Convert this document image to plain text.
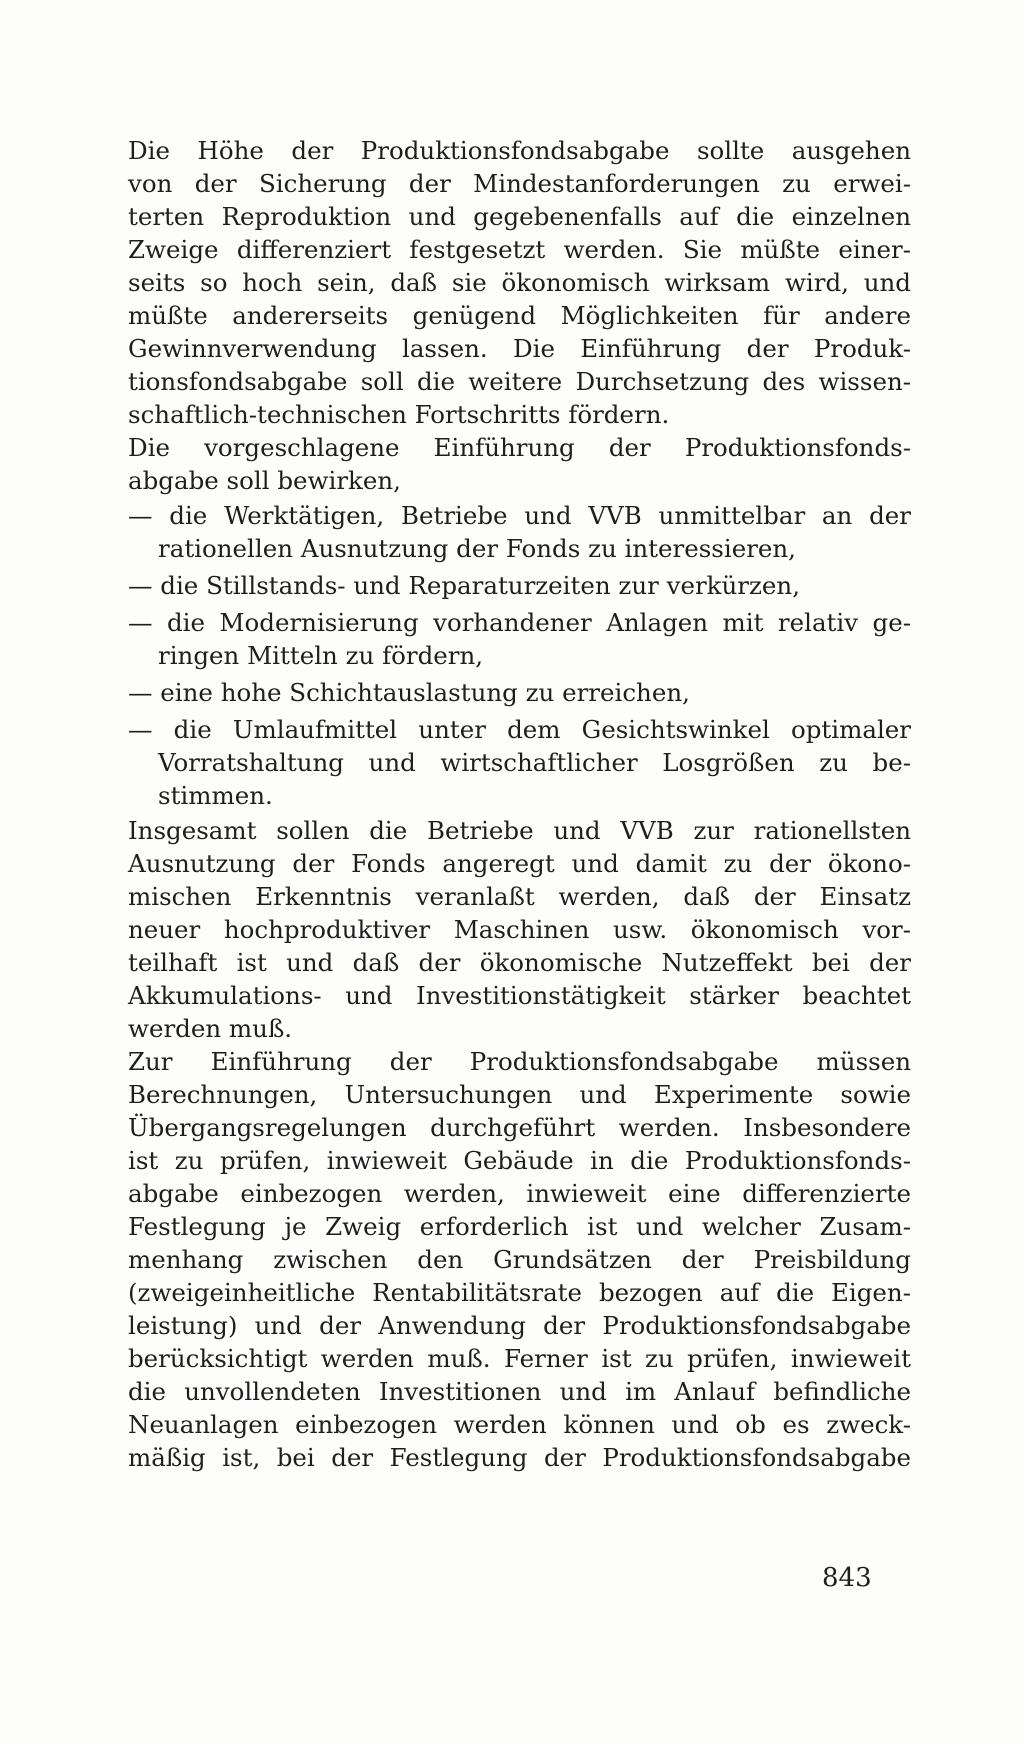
Die Höhe der Produktionsfondsabgabe sollte ausgehen
von der Sicherung der Mindestanforderungen zu erwei-
terten Reproduktion und gegebenenfalls auf die einzelnen
Zweige differenziert festgesetzt werden. Sie müßte einer-
seits so hoch sein, daß sie ökonomisch wirksam wird, und
müßte andererseits genügend Möglichkeiten für andere
Gewinnverwendung lassen. Die Einführung der Produk-
tionsfondsabgabe soll die weitere Durchsetzung des wissen-
schaftlich-technischen Fortschritts fördern.
Die vorgeschlagene Einführung der Produktionsfonds-
abgabe soll bewirken,
— die Werktätigen, Betriebe und VVB unmittelbar an der
rationellen Ausnutzung der Fonds zu interessieren,
— die Stillstands- und Reparaturzeiten zur verkürzen,
— die Modernisierung vorhandener Anlagen mit relativ ge-
ringen Mitteln zu fördern,
— eine hohe Schichtauslastung zu erreichen,
— die Umlaufmittel unter dem Gesichtswinkel optimaler
Vorratshaltung und wirtschaftlicher Losgrößen zu be-
stimmen.
Insgesamt sollen die Betriebe und VVB zur rationellsten
Ausnutzung der Fonds angeregt und damit zu der ökono-
mischen Erkenntnis veranlaßt werden, daß der Einsatz
neuer hochproduktiver Maschinen usw. ökonomisch vor-
teilhaft ist und daß der ökonomische Nutzeffekt bei der
Akkumulations- und Investitionstätigkeit stärker beachtet
werden muß.
Zur Einführung der Produktionsfondsabgabe müssen
Berechnungen, Untersuchungen und Experimente sowie
Übergangsregelungen durchgeführt werden. Insbesondere
ist zu prüfen, inwieweit Gebäude in die Produktionsfonds-
abgabe einbezogen werden, inwieweit eine differenzierte
Festlegung je Zweig erforderlich ist und welcher Zusam-
menhang zwischen den Grundsätzen der Preisbildung
(zweigeinheitliche Rentabilitätsrate bezogen auf die Eigen-
leistung) und der Anwendung der Produktionsfondsabgabe
berücksichtigt werden muß. Ferner ist zu prüfen, inwieweit
die unvollendeten Investitionen und im Anlauf befindliche
Neuanlagen einbezogen werden können und ob es zweck-
mäßig ist, bei der Festlegung der Produktionsfondsabgabe
843
